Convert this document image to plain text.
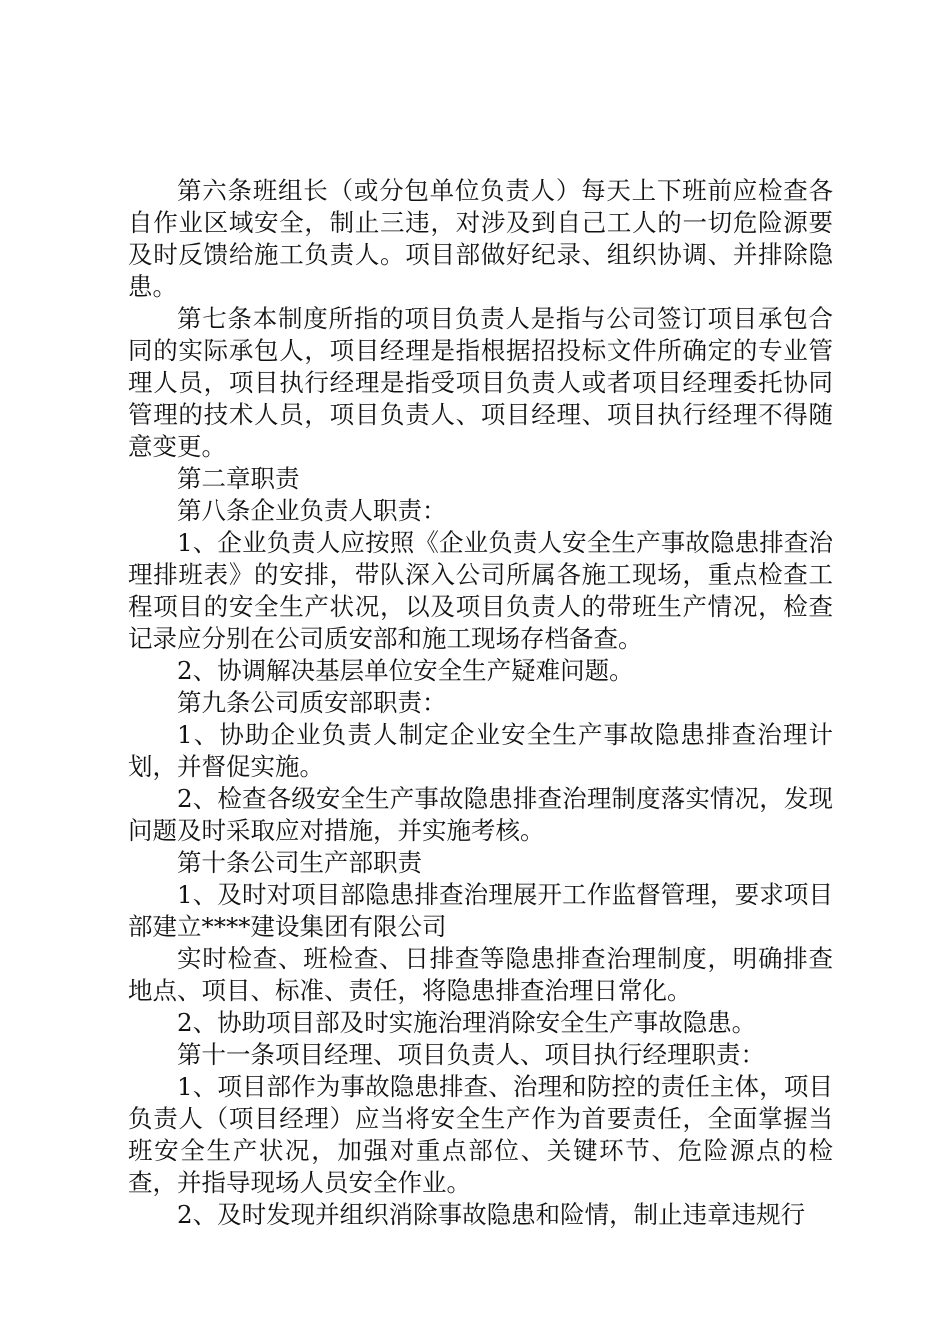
第六条班组长（或分包单位负责人）每天上下班前应检查各自作业区域安全，制止三违，对涉及到自己工人的一切危险源要及时反馈给施工负责人。项目部做好纪录、组织协调、并排除隐患。

第七条本制度所指的项目负责人是指与公司签订项目承包合同的实际承包人，项目经理是指根据招投标文件所确定的专业管理人员，项目执行经理是指受项目负责人或者项目经理委托协同管理的技术人员，项目负责人、项目经理、项目执行经理不得随意变更。

第二章职责

第八条企业负责人职责：

1、企业负责人应按照《企业负责人安全生产事故隐患排查治理排班表》的安排，带队深入公司所属各施工现场，重点检查工程项目的安全生产状况，以及项目负责人的带班生产情况，检查记录应分别在公司质安部和施工现场存档备查。

2、协调解决基层单位安全生产疑难问题。

第九条公司质安部职责：

1、协助企业负责人制定企业安全生产事故隐患排查治理计划，并督促实施。

2、检查各级安全生产事故隐患排查治理制度落实情况，发现问题及时采取应对措施，并实施考核。

第十条公司生产部职责

1、及时对项目部隐患排查治理展开工作监督管理，要求项目部建立****建设集团有限公司

实时检查、班检查、日排查等隐患排查治理制度，明确排查地点、项目、标准、责任，将隐患排查治理日常化。

2、协助项目部及时实施治理消除安全生产事故隐患。

第十一条项目经理、项目负责人、项目执行经理职责：

1、项目部作为事故隐患排查、治理和防控的责任主体，项目负责人（项目经理）应当将安全生产作为首要责任，全面掌握当班安全生产状况，加强对重点部位、关键环节、危险源点的检查，并指导现场人员安全作业。

2、及时发现并组织消除事故隐患和险情，制止违章违规行
